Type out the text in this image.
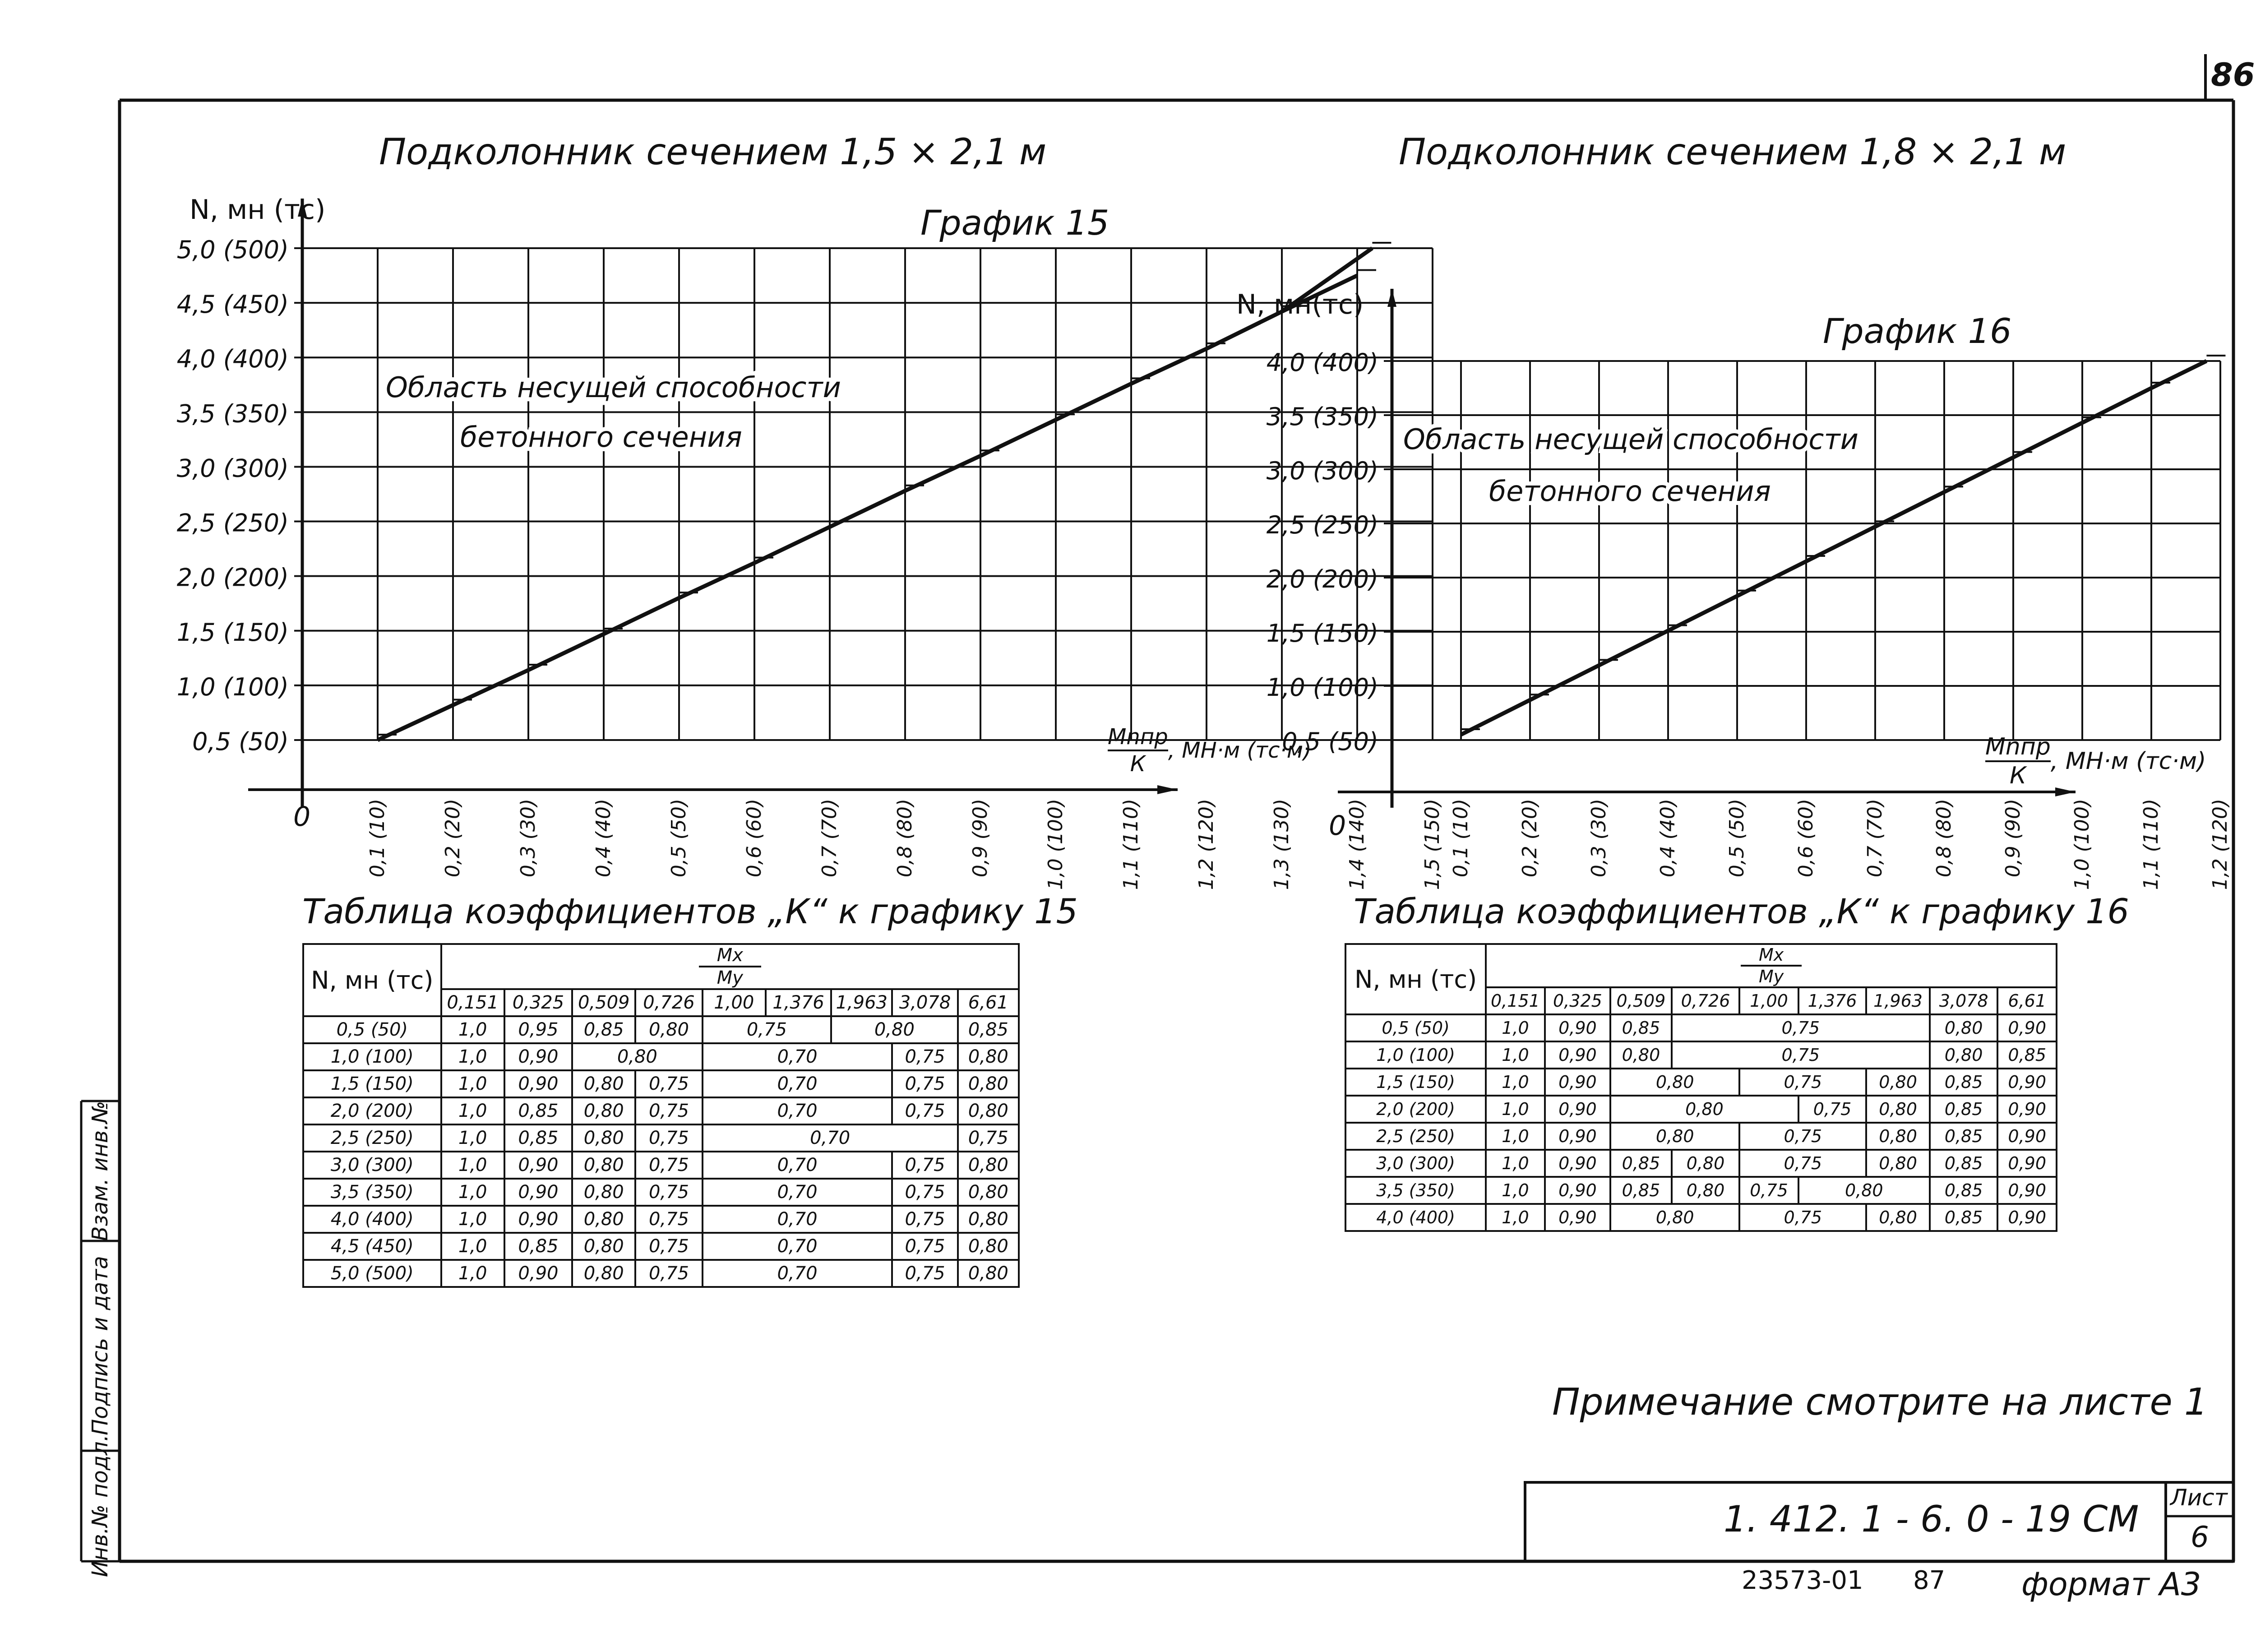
0,5 (50)
1,0 (100)
1,5 (150)
2,0 (200)
2,5 (250)
3,0 (300)
3,5 (350)
4,0 (400)
4,5 (450)
5,0 (500)
0,1 (10)	0,2 (20)	0,3 (30)	0,4 (40)	0,5 (50)	0,6 (60)	0,7 (70)	0,8 (80)	0,9 (90)	1,0 (100)	1,1 (110)	1,2 (120)	1,3 (130)	1,4 (140)	1,5 (150)
0
График 15
Область несущей способности
бетонного сечения
0,5 (50)
1,0 (100)
1,5 (150)
2,0 (200)
2,5 (250)
3,0 (300)
3,5 (350)
4,0 (400)
0,1 (10) 0,2 (20) 0,3 (30) 0,4 (40) 0,5 (50) 0,6 (60) 0,7 (70) 0,8 (80) 0,9 (90) 1,0 (100) 1,1 (110) 1,2 (120)
0
График 16
Область несущей способности
бетонного сечения
86
Подколонник сечением 1,5 × 2,1 м	Подколонник сечением 1,8 × 2,1 м
N, мн (тс)
N, мн(тс)
Мnпр
К
, МН·м (тс·м)	Мnпр
К
, МН·м (тс·м)
Таблица коэффициентов „К“ к графику 15	Таблица коэффициентов „К“ к графику 16
N, мн (тс)	Мх
Му								

	0,151	0,325	0,509	0,726	1,00	1,376	1,963	3,078	6,61
0,5 (50)	1,0	0,95	0,85	0,80	0,75		0,80		0,85
1,0 (100)	1,0	0,90	0,80		0,70			0,75	0,80
1,5 (150)	1,0	0,90	0,80	0,75	0,70			0,75	0,80
2,0 (200)	1,0	0,85	0,80	0,75	0,70			0,75	0,80
2,5 (250)	1,0	0,85	0,80	0,75	0,70				0,75
3,0 (300)	1,0	0,90	0,80	0,75	0,70			0,75	0,80
3,5 (350)	1,0	0,90	0,80	0,75	0,70			0,75	0,80
4,0 (400)	1,0	0,90	0,80	0,75	0,70			0,75	0,80
4,5 (450)	1,0	0,85	0,80	0,75	0,70			0,75	0,80
5,0 (500)	1,0	0,90	0,80	0,75	0,70			0,75	0,80
N, мн (тс)	Мх
Му								

	0,151	0,325	0,509	0,726	1,00	1,376	1,963	3,078	6,61
0,5 (50)	1,0	0,90	0,85	0,75				0,80	0,90
1,0 (100)	1,0	0,90	0,80	0,75				0,80	0,85
1,5 (150)	1,0	0,90	0,80		0,75		0,80	0,85	0,90
2,0 (200)	1,0	0,90	0,80			0,75	0,80	0,85	0,90
2,5 (250)	1,0	0,90	0,80		0,75		0,80	0,85	0,90
3,0 (300)	1,0	0,90	0,85	0,80	0,75		0,80	0,85	0,90
3,5 (350)	1,0	0,90	0,85	0,80	0,75	0,80		0,85	0,90
4,0 (400)	1,0	0,90	0,80		0,75		0,80	0,85	0,90
Примечание смотрите на листе 1
1. 412. 1 - 6. 0 - 19 СМ
Лист
6
23573-01 87 формат А3
Инв.№ подл.
Подпись и дата
Взам. инв.№
